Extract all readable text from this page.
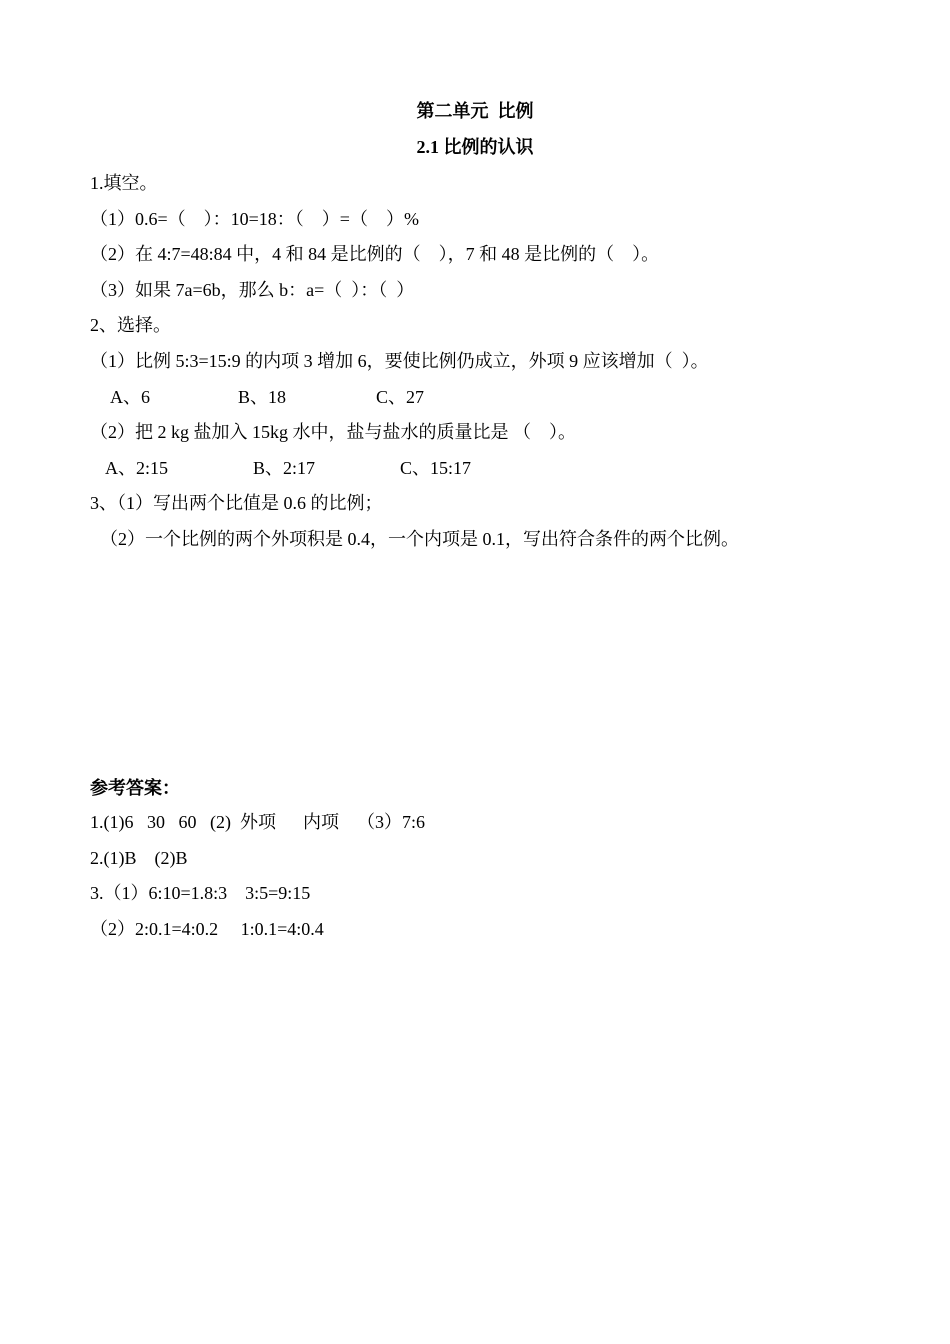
第二单元  比例
2.1 比例的认识
1.填空。
（1）0.6=（    ）：10=18：（    ）=（    ）%
（2）在 4:7=48:84 中，4 和 84 是比例的（    ），7 和 48 是比例的（    ）。
（3）如果 7a=6b，那么 b：a=（  ）：（  ）
2、选择。
（1）比例 5:3=15:9 的内项 3 增加 6，要使比例仍成立，外项 9 应该增加（  ）。
A、6	B、18	C、27
（2）把 2 kg 盐加入 15kg 水中，盐与盐水的质量比是 （    ）。
A、2:15	B、2:17	C、15:17
3、（1）写出两个比值是 0.6 的比例；
（2）一个比例的两个外项积是 0.4，一个内项是 0.1，写出符合条件的两个比例。
参考答案：
1.(1)6   30   60   (2)  外项      内项    （3）7:6
2.(1)B    (2)B
3.（1）6:10=1.8:3    3:5=9:15
（2）2:0.1=4:0.2     1:0.1=4:0.4
